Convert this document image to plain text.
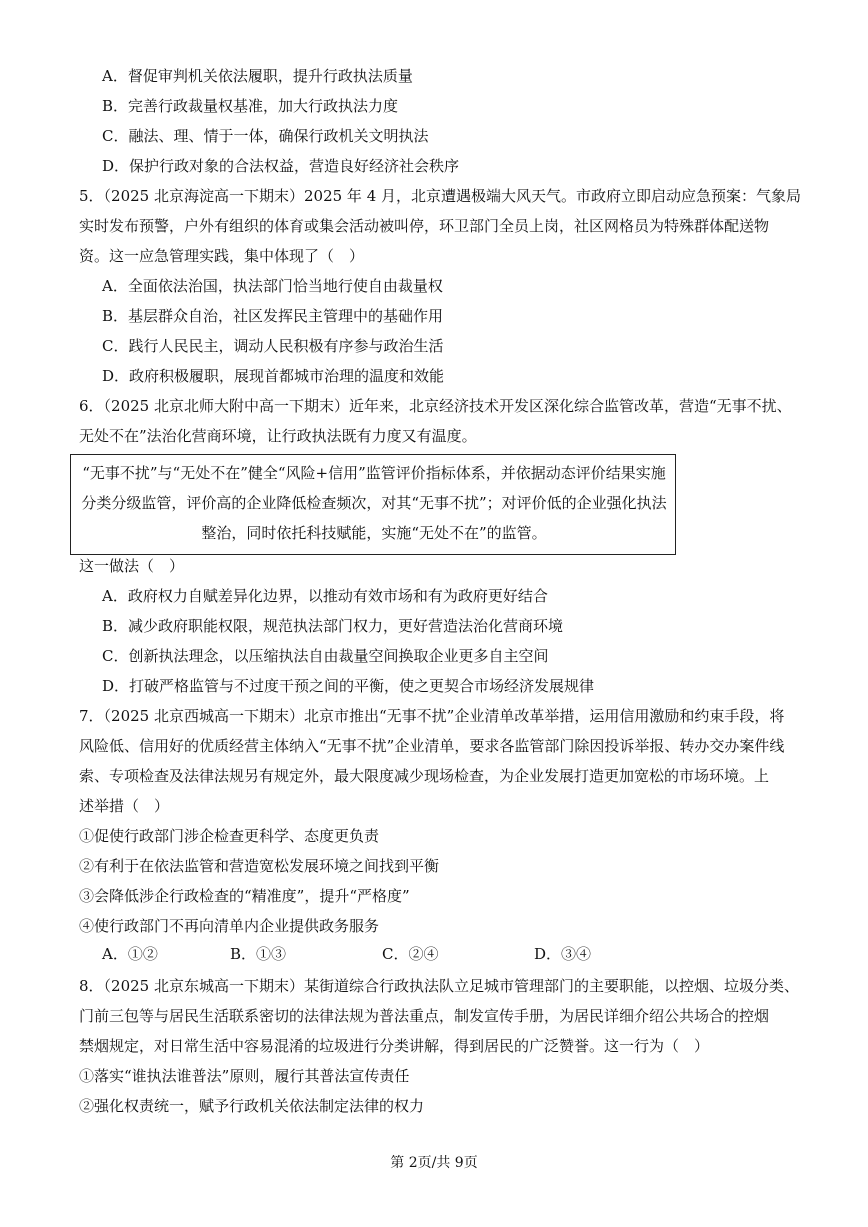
A．督促审判机关依法履职，提升行政执法质量
B．完善行政裁量权基准，加大行政执法力度
C．融法、理、情于一体，确保行政机关文明执法
D．保护行政对象的合法权益，营造良好经济社会秩序
5．（2025 北京海淀高一下期末）2025 年 4 月，北京遭遇极端大风天气。市政府立即启动应急预案：气象局
实时发布预警，户外有组织的体育或集会活动被叫停，环卫部门全员上岗，社区网格员为特殊群体配送物
资。这一应急管理实践，集中体现了（　）
A．全面依法治国，执法部门恰当地行使自由裁量权
B．基层群众自治，社区发挥民主管理中的基础作用
C．践行人民民主，调动人民积极有序参与政治生活
D．政府积极履职，展现首都城市治理的温度和效能
6．（2025 北京北师大附中高一下期末）近年来，北京经济技术开发区深化综合监管改革，营造“无事不扰、
无处不在”法治化营商环境，让行政执法既有力度又有温度。
“无事不扰”与“无处不在”健全“风险+信用”监管评价指标体系，并依据动态评价结果实施
分类分级监管，评价高的企业降低检查频次，对其“无事不扰”；对评价低的企业强化执法
整治，同时依托科技赋能，实施“无处不在”的监管。
这一做法（　）
A．政府权力自赋差异化边界，以推动有效市场和有为政府更好结合
B．减少政府职能权限，规范执法部门权力，更好营造法治化营商环境
C．创新执法理念，以压缩执法自由裁量空间换取企业更多自主空间
D．打破严格监管与不过度干预之间的平衡，使之更契合市场经济发展规律
7．（2025 北京西城高一下期末）北京市推出“无事不扰”企业清单改革举措，运用信用激励和约束手段，将
风险低、信用好的优质经营主体纳入“无事不扰”企业清单，要求各监管部门除因投诉举报、转办交办案件线
索、专项检查及法律法规另有规定外，最大限度减少现场检查，为企业发展打造更加宽松的市场环境。上
述举措（　）
①促使行政部门涉企检查更科学、态度更负责
②有利于在依法监管和营造宽松发展环境之间找到平衡
③会降低涉企行政检查的“精准度”，提升“严格度”
④使行政部门不再向清单内企业提供政务服务
A．①②	B．①③	C．②④	D．③④
8．（2025 北京东城高一下期末）某街道综合行政执法队立足城市管理部门的主要职能，以控烟、垃圾分类、
门前三包等与居民生活联系密切的法律法规为普法重点，制发宣传手册，为居民详细介绍公共场合的控烟
禁烟规定，对日常生活中容易混淆的垃圾进行分类讲解，得到居民的广泛赞誉。这一行为（　）
①落实“谁执法谁普法”原则，履行其普法宣传责任
②强化权责统一，赋予行政机关依法制定法律的权力
第 2页/共 9页
